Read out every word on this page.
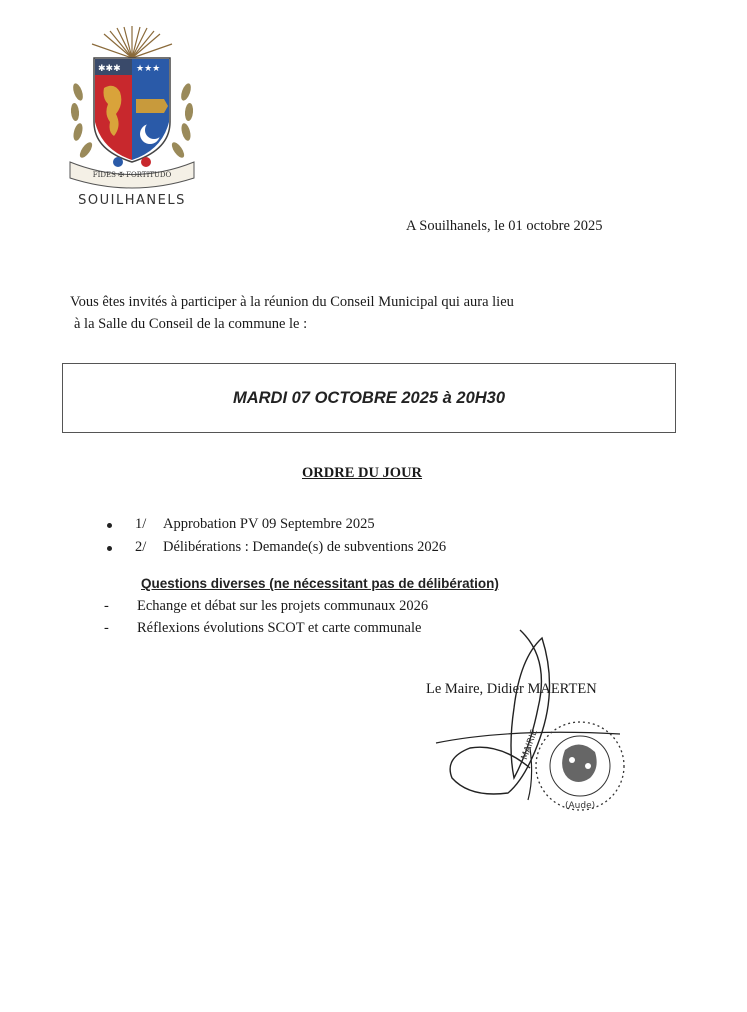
✱✱✱ ★★★
FIDES ✠ FORTITUDO
SOUILHANELS
A Souilhanels, le 01 octobre 2025
Vous êtes invités à participer à la réunion du Conseil Municipal qui aura lieu
à la Salle du Conseil de la commune le :
MARDI 07 OCTOBRE 2025 à 20H30
ORDRE DU JOUR
1/ Approbation PV 09 Septembre 2025
2/ Délibérations : Demande(s) de subventions 2026
Questions diverses (ne nécessitant pas de délibération)
- Echange et débat sur les projets communaux 2026
- Réflexions évolutions SCOT et carte communale
Le Maire, Didier MAERTEN
MAIRIE
(Aude)
